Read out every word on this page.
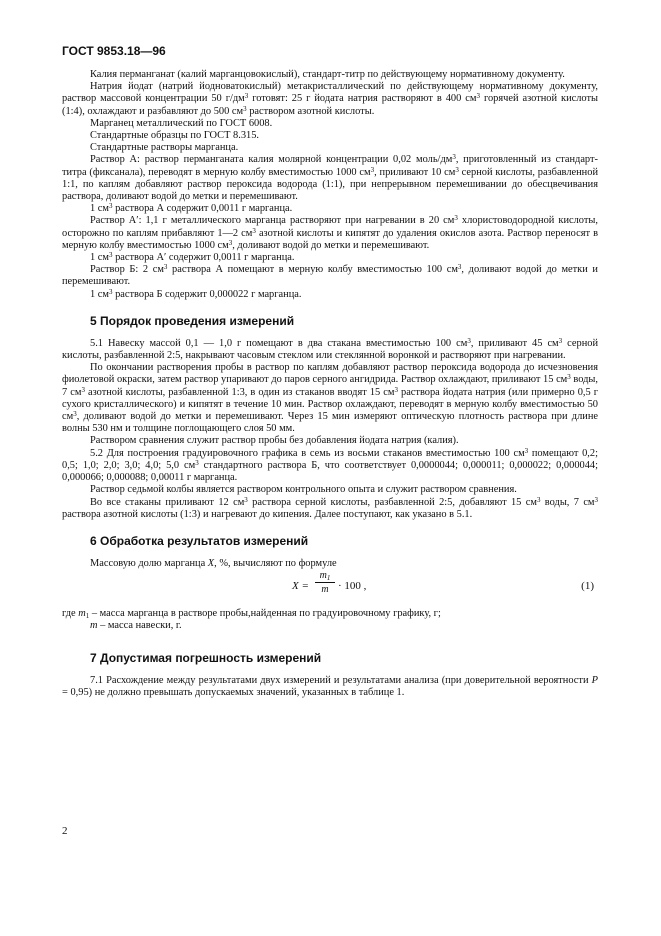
ГОСТ 9853.18—96

Калия перманганат (калий марганцовокислый), стандарт-титр по действующему нормативному документу.

Натрия йодат (натрий йодноватокислый) метакристаллический по действующему нормативному документу, раствор массовой концентрации 50 $г/дм^3$ готовят: 25 г йодата натрия растворяют в 400 $см^3$ горячей азотной кислоты (1:4), охлаждают и разбавляют до 500 $см^3$ раствором азотной кислоты.

Марганец металлический по ГОСТ 6008.

Стандартные образцы по ГОСТ 8.315.

Стандартные растворы марганца.

Раствор А: раствор перманганата калия молярной концентрации 0,02 моль/$дм^3$, приготовленный из стандарт-титра (фиксанала), переводят в мерную колбу вместимостью 1000 $см^3$, приливают 10 $см^3$ серной кислоты, разбавленной 1:1, по каплям добавляют раствор пероксида водорода (1:1), при непрерывном перемешивании до обесцвечивания раствора, доливают водой до метки и перемешивают.

1 $см^3$ раствора А содержит 0,0011 г марганца.

Раствор А′: 1,1 г металлического марганца растворяют при нагревании в 20 $см^3$ хлористоводородной кислоты, осторожно по каплям прибавляют 1—2 $см^3$ азотной кислоты и кипятят до удаления окислов азота. Раствор переносят в мерную колбу вместимостью 1000 $см^3$, доливают водой до метки и перемешивают.

1 $см^3$ раствора А′ содержит 0,0011 г марганца.

Раствор Б: 2 $см^3$ раствора А помещают в мерную колбу вместимостью 100 $см^3$, доливают водой до метки и перемешивают.

1 $см^3$ раствора Б содержит 0,000022 г марганца.

5 Порядок проведения измерений

5.1 Навеску массой 0,1 — 1,0 г помещают в два стакана вместимостью 100 $см^3$, приливают 45 $см^3$ серной кислоты, разбавленной 2:5, накрывают часовым стеклом или стеклянной воронкой и растворяют при нагревании.

По окончании растворения пробы в раствор по каплям добавляют раствор пероксида водорода до исчезновения фиолетовой окраски, затем раствор упаривают до паров серного ангидрида. Раствор охлаждают, приливают 15 $см^3$ воды, 7 $см^3$ азотной кислоты, разбавленной 1:3, в один из стаканов вводят 15 $см^3$ раствора йодата натрия (или примерно 0,5 г сухого кристаллического) и кипятят в течение 10 мин. Раствор охлаждают, переводят в мерную колбу вместимостью 50 $см^3$, доливают водой до метки и перемешивают. Через 15 мин измеряют оптическую плотность раствора при длине волны 530 нм и толщине поглощающего слоя 50 мм.

Раствором сравнения служит раствор пробы без добавления йодата натрия (калия).

5.2 Для построения градуировочного графика в семь из восьми стаканов вместимостью 100 $см^3$ помещают 0,2; 0,5; 1,0; 2,0; 3,0; 4,0; 5,0 $см^3$ стандартного раствора Б, что соответствует 0,0000044; 0,000011; 0,000022; 0,000044; 0,000066; 0,000088; 0,00011 г марганца.

Раствор седьмой колбы является раствором контрольного опыта и служит раствором сравнения.

Во все стаканы приливают 12 $см^3$ раствора серной кислоты, разбавленной 2:5, добавляют 15 $см^3$ воды, 7 $см^3$ раствора азотной кислоты (1:3) и нагревают до кипения. Далее поступают, как указано в 5.1.

6 Обработка результатов измерений

Массовую долю марганца X, %, вычисляют по формуле

$X = \frac{m_1}{m} \cdot 100$ ,	(1)

где $m_1$ – масса марганца в растворе пробы,найденная по градуировочному графику, г;

m – масса навески, г.

7 Допустимая погрешность измерений

7.1 Расхождение между результатами двух измерений и результатами анализа (при доверительной вероятности P = 0,95) не должно превышать допускаемых значений, указанных в таблице 1.

2
